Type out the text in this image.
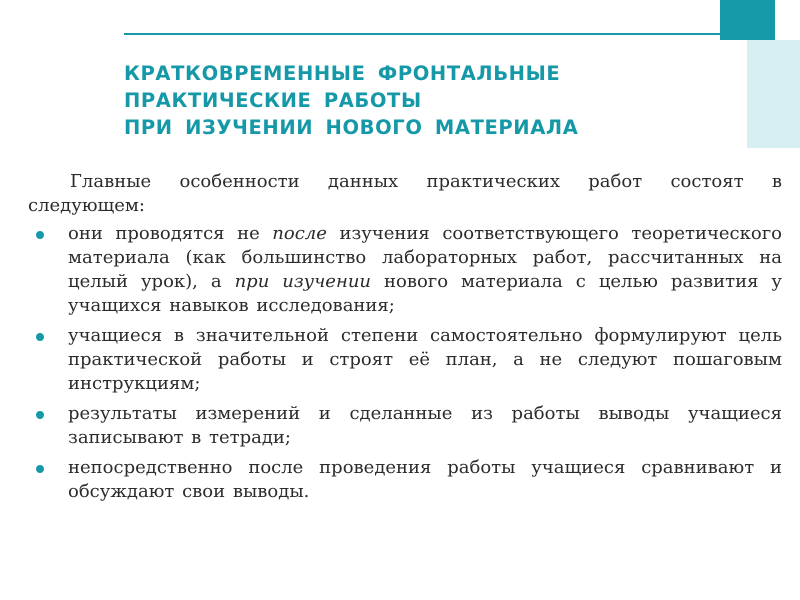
КРАТКОВРЕМЕННЫЕ ФРОНТАЛЬНЫЕ
ПРАКТИЧЕСКИЕ РАБОТЫ
ПРИ ИЗУЧЕНИИ НОВОГО МАТЕРИАЛА

Главные особенности данных практических работ состоят в следующем:

они проводятся не после изучения соответствующего теоретического материала (как большинство лабораторных работ, рассчитанных на целый урок), а при изучении нового материала с целью развития у учащихся навыков исследования;
учащиеся в значительной степени самостоятельно формулируют цель практической работы и строят её план, а не следуют пошаговым инструкциям;
результаты измерений и сделанные из работы выводы учащиеся записывают в тетради;
непосредственно после проведения работы учащиеся сравнивают и обсуждают свои выводы.
